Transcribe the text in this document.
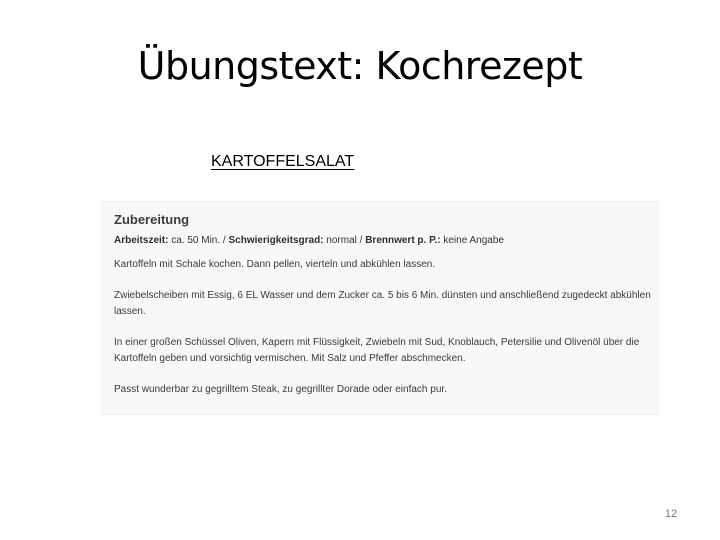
Übungstext: Kochrezept
KARTOFFELSALAT
Zubereitung
Arbeitszeit: ca. 50 Min. / Schwierigkeitsgrad: normal / Brennwert p. P.: keine Angabe
Kartoffeln mit Schale kochen. Dann pellen, vierteln und abkühlen lassen.
Zwiebelscheiben mit Essig, 6 EL Wasser und dem Zucker ca. 5 bis 6 Min. dünsten und anschließend zugedeckt abkühlen lassen.
In einer großen Schüssel Oliven, Kapern mit Flüssigkeit, Zwiebeln mit Sud, Knoblauch, Petersilie und Olivenöl über die Kartoffeln geben und vorsichtig vermischen. Mit Salz und Pfeffer abschmecken.
Passt wunderbar zu gegrilltem Steak, zu gegrillter Dorade oder einfach pur.
12
